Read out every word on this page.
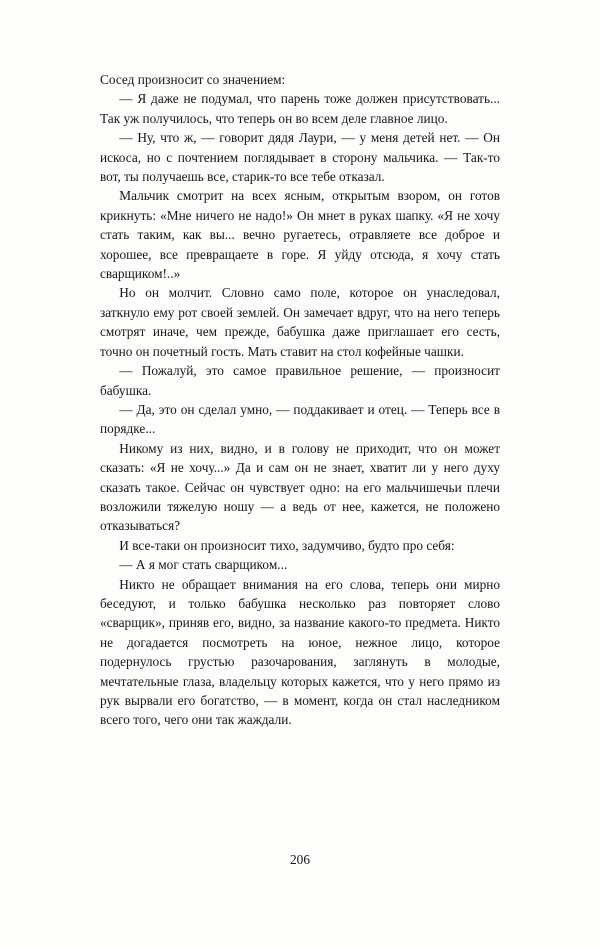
Сосед произносит со значением:

— Я даже не подумал, что парень тоже должен присутствовать... Так уж получилось, что теперь он во всем деле главное лицо.

— Ну, что ж, — говорит дядя Лаури, — у меня детей нет. — Он искоса, но с почтением поглядывает в сторону мальчика. — Так-то вот, ты получаешь все, старик-то все тебе отказал.

Мальчик смотрит на всех ясным, открытым взором, он готов крикнуть: «Мне ничего не надо!» Он мнет в руках шапку. «Я не хочу стать таким, как вы... вечно ругаетесь, отравляете все доброе и хорошее, все превращаете в горе. Я уйду отсюда, я хочу стать сварщиком!..»

Но он молчит. Словно само поле, которое он унаследовал, заткнуло ему рот своей землей. Он замечает вдруг, что на него теперь смотрят иначе, чем прежде, бабушка даже приглашает его сесть, точно он почетный гость. Мать ставит на стол кофейные чашки.

— Пожалуй, это самое правильное решение, — произносит бабушка.

— Да, это он сделал умно, — поддакивает и отец. — Теперь все в порядке...

Никому из них, видно, и в голову не приходит, что он может сказать: «Я не хочу...» Да и сам он не знает, хватит ли у него духу сказать такое. Сейчас он чувствует одно: на его мальчишечьи плечи возложили тяжелую ношу — а ведь от нее, кажется, не положено отказываться?

И все-таки он произносит тихо, задумчиво, будто про себя:

— А я мог стать сварщиком...

Никто не обращает внимания на его слова, теперь они мирно беседуют, и только бабушка несколько раз повторяет слово «сварщик», приняв его, видно, за название какого-то предмета. Никто не догадается посмотреть на юное, нежное лицо, которое подернулось грустью разочарования, заглянуть в молодые, мечтательные глаза, владельцу которых кажется, что у него прямо из рук вырвали его богатство, — в момент, когда он стал наследником всего того, чего они так жаждали.

206
